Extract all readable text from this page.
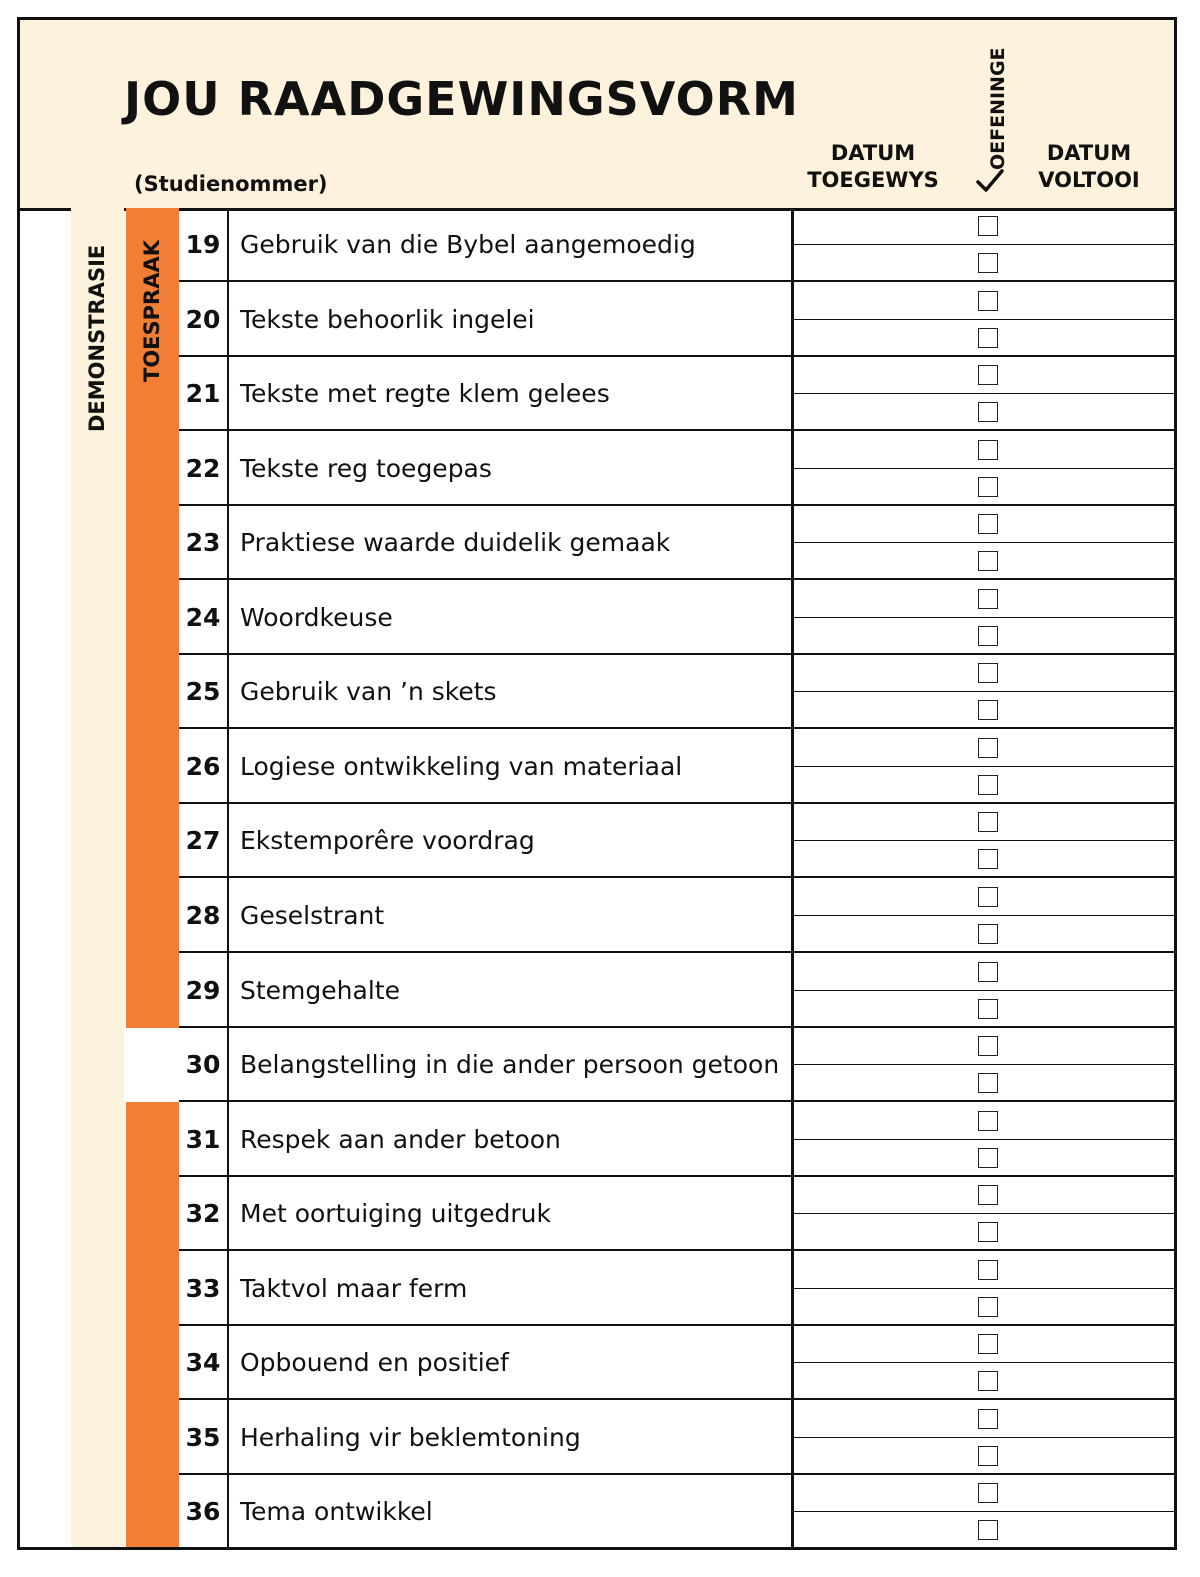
JOU RAADGEWINGSVORM
(Studienommer)
DATUM
TOEGEWYS
OEFENINGE	DATUM
VOLTOOI
DEMONSTRASIE TOESPRAAK 19 Gebruik van die Bybel aangemoedig
20 Tekste behoorlik ingelei
21 Tekste met regte klem gelees
22 Tekste reg toegepas
23 Praktiese waarde duidelik gemaak
24 Woordkeuse
25 Gebruik van ’n skets
26 Logiese ontwikkeling van materiaal
27 Ekstemporêre voordrag
28 Geselstrant
29 Stemgehalte
30 Belangstelling in die ander persoon getoon
31 Respek aan ander betoon
32 Met oortuiging uitgedruk
33 Taktvol maar ferm
34 Opbouend en positief
35 Herhaling vir beklemtoning
36 Tema ontwikkel
